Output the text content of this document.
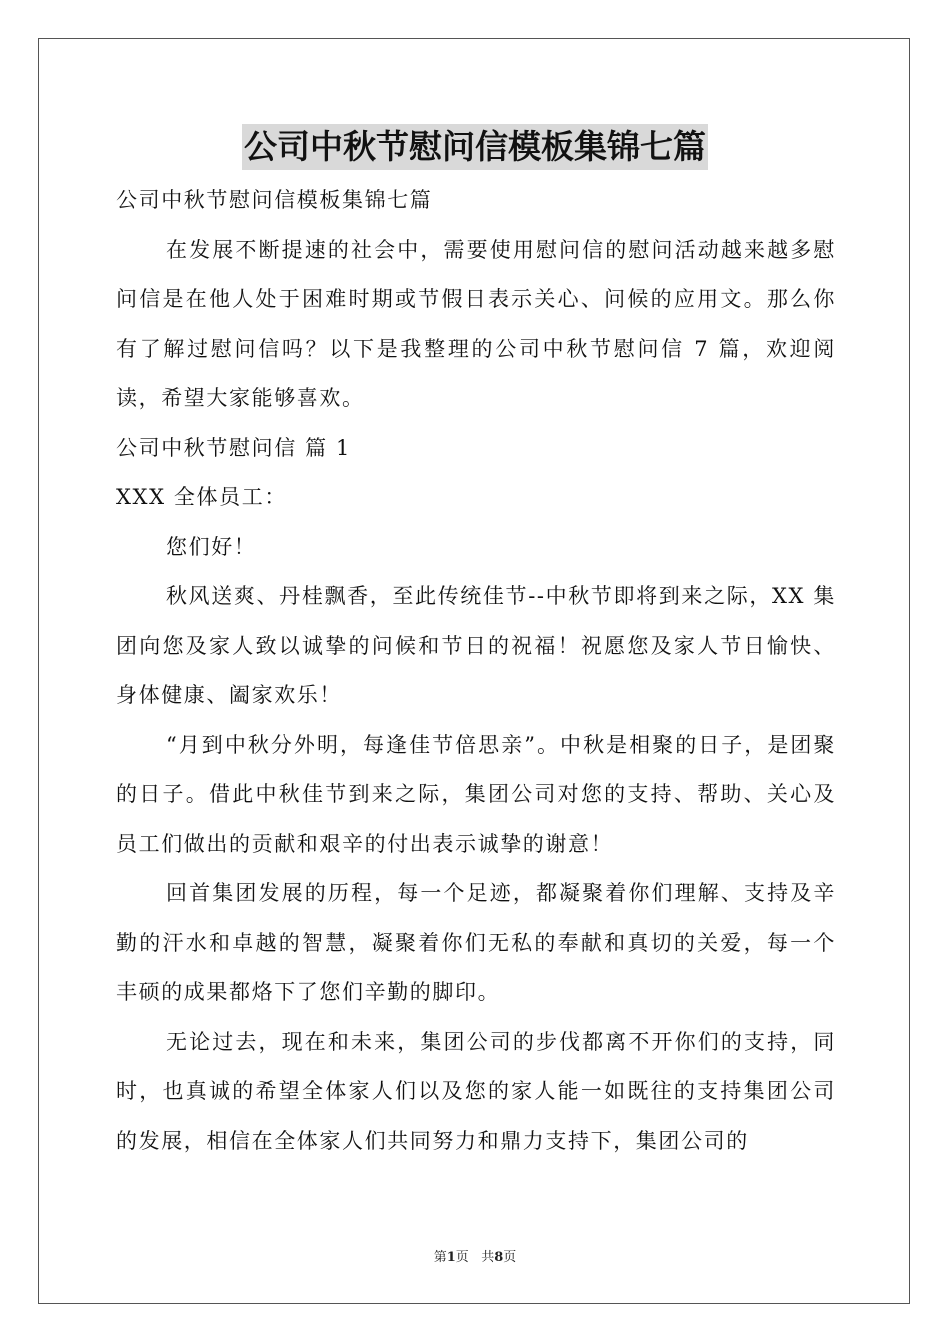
公司中秋节慰问信模板集锦七篇

公司中秋节慰问信模板集锦七篇

在发展不断提速的社会中，需要使用慰问信的慰问活动越来越多慰问信是在他人处于困难时期或节假日表示关心、问候的应用文。那么你有了解过慰问信吗？以下是我整理的公司中秋节慰问信 7 篇，欢迎阅读，希望大家能够喜欢。

公司中秋节慰问信 篇 1

XXX 全体员工：

您们好！

秋风送爽、丹桂飘香，至此传统佳节--中秋节即将到来之际，XX 集团向您及家人致以诚挚的问候和节日的祝福！祝愿您及家人节日愉快、身体健康、阖家欢乐！

“月到中秋分外明，每逢佳节倍思亲”。中秋是相聚的日子，是团聚的日子。借此中秋佳节到来之际，集团公司对您的支持、帮助、关心及员工们做出的贡献和艰辛的付出表示诚挚的谢意！

回首集团发展的历程，每一个足迹，都凝聚着你们理解、支持及辛勤的汗水和卓越的智慧，凝聚着你们无私的奉献和真切的关爱，每一个丰硕的成果都烙下了您们辛勤的脚印。

无论过去，现在和未来，集团公司的步伐都离不开你们的支持，同时，也真诚的希望全体家人们以及您的家人能一如既往的支持集团公司的发展，相信在全体家人们共同努力和鼎力支持下，集团公司的

第1页 共8页
